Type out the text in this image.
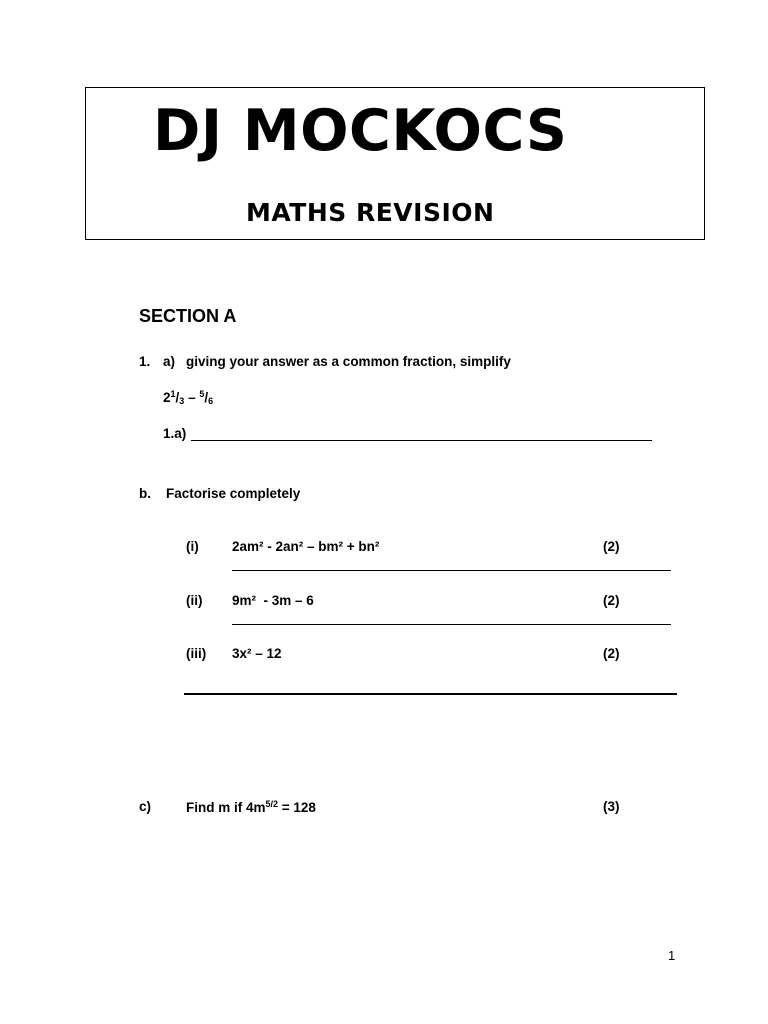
DJ MOCKOCS
MATHS REVISION
SECTION A
1. a) giving your answer as a common fraction, simplify
$2^1/_3 - ^5/_6$
1.a)
b. Factorise completely
(i) 2am² - 2an² – bm² + bn²	(2)
(ii) 9m²  - 3m – 6	(2)
(iii) 3x² – 12	(2)
c)	Find m if $4m^{5/2} = 128$	(3)
1
